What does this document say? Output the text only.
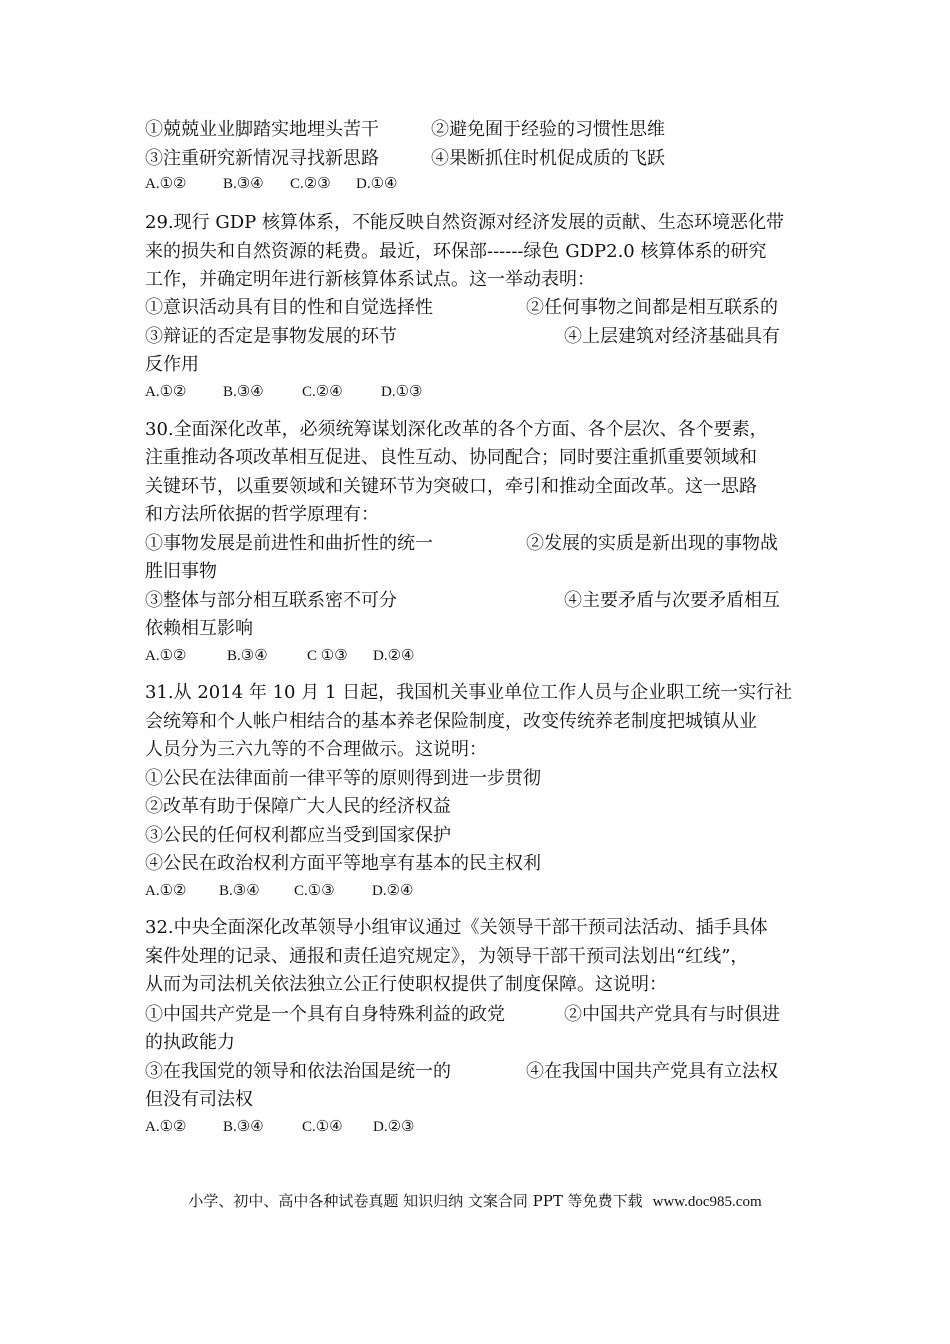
①兢兢业业脚踏实地埋头苦干	②避免囿于经验的习惯性思维
③注重研究新情况寻找新思路	④果断抓住时机促成质的飞跃
A.①② B.③④ C.②③ D.①④
29.现行 GDP 核算体系，不能反映自然资源对经济发展的贡献、生态环境恶化带
来的损失和自然资源的耗费。最近，环保部------绿色 GDP2.0 核算体系的研究
工作，并确定明年进行新核算体系试点。这一举动表明：
①意识活动具有目的性和自觉选择性	②任何事物之间都是相互联系的
③辩证的否定是事物发展的环节	④上层建筑对经济基础具有
反作用
A.①② B.③④	C.②④	D.①③
30.全面深化改革，必须统筹谋划深化改革的各个方面、各个层次、各个要素，
注重推动各项改革相互促进、良性互动、协同配合；同时要注重抓重要领域和
关键环节，以重要领域和关键环节为突破口，牵引和推动全面改革。这一思路
和方法所依据的哲学原理有：
①事物发展是前进性和曲折性的统一	②发展的实质是新出现的事物战
胜旧事物
③整体与部分相互联系密不可分	④主要矛盾与次要矛盾相互
依赖相互影响
A.①②	B.③④	C ①③ D.②④
31.从 2014 年 10 月 1 日起，我国机关事业单位工作人员与企业职工统一实行社
会统筹和个人帐户相结合的基本养老保险制度，改变传统养老制度把城镇从业
人员分为三六九等的不合理做示。这说明：
①公民在法律面前一律平等的原则得到进一步贯彻
②改革有助于保障广大人民的经济权益
③公民的任何权利都应当受到国家保护
④公民在政治权利方面平等地享有基本的民主权利
A.①② B.③④ C.①③ D.②④
32.中央全面深化改革领导小组审议通过《关领导干部干预司法活动、插手具体
案件处理的记录、通报和责任追究规定》，为领导干部干预司法划出“红线”，
从而为司法机关依法独立公正行使职权提供了制度保障。这说明：
①中国共产党是一个具有自身特殊利益的政党	②中国共产党具有与时俱进
的执政能力
③在我国党的领导和依法治国是统一的	④在我国中国共产党具有立法权
但没有司法权
A.①② B.③④	C.①④ D.②③
小学、初中、高中各种试卷真题 知识归纳 文案合同 PPT 等免费下载 www.doc985.com
